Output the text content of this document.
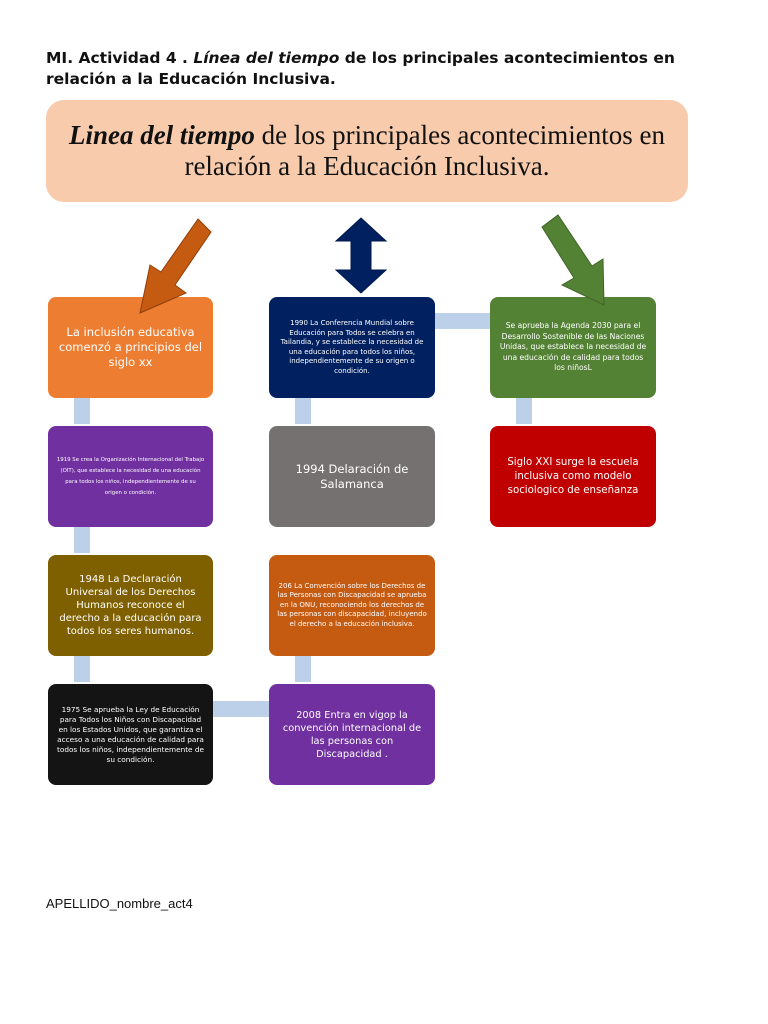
MI. Actividad 4 . Línea del tiempo de los principales acontecimientos en relación a la Educación Inclusiva.
Linea del tiempo de los principales acontecimientos en relación a la Educación Inclusiva.
La inclusión educativa comenzó a principios del siglo xx
1919 Se crea la Organización Internacional del Trabajo (OIT), que establece la necesidad de una educación para todos los niños, independientemente de su origen o condición.
1948 La Declaración Universal de los Derechos Humanos reconoce el derecho a la educación para todos los seres humanos.
1975 Se aprueba la Ley de Educación para Todos los Niños con Discapacidad en los Estados Unidos, que garantiza el acceso a una educación de calidad para todos los niños, independientemente de su condición.
1990 La Conferencia Mundial sobre Educación para Todos se celebra en Tailandia, y se establece la necesidad de una educación para todos los niños, independientemente de su origen o condición.
1994 Delaración de Salamanca
206 La Convención sobre los Derechos de las Personas con Discapacidad se aprueba en la ONU, reconociendo los derechos de las personas con discapacidad, incluyendo el derecho a la educación inclusiva.
2008 Entra en vigop la convención internacional de las personas con Discapacidad .
Se aprueba la Agenda 2030 para el Desarrollo Sostenible de las Naciones Unidas, que establece la necesidad de una educación de calidad para todos los niñosL
Siglo XXI surge la escuela inclusiva como modelo sociologico de enseñanza
APELLIDO_nombre_act4
